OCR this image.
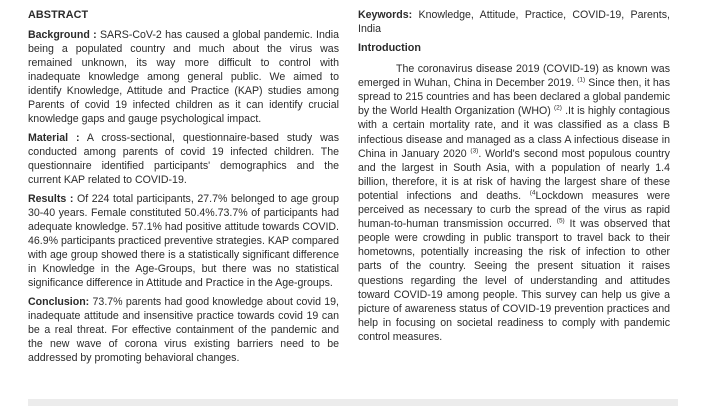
ABSTRACT

Background : SARS-CoV-2 has caused a global pandemic. India being a populated country and much about the virus was remained unknown, its way more difficult to control with inadequate knowledge among general public. We aimed to identify Knowledge, Attitude and Practice (KAP) studies among Parents of covid 19 infected children as it can identify crucial knowledge gaps and gauge psychological impact.

Material : A cross-sectional, questionnaire-based study was conducted among parents of covid 19 infected children. The questionnaire identified participants' demographics and the current KAP related to COVID-19.

Results : Of 224 total participants, 27.7% belonged to age group 30-40 years. Female constituted 50.4%.73.7% of participants had adequate knowledge. 57.1% had positive attitude towards COVID. 46.9% participants practiced preventive strategies. KAP compared with age group showed there is a statistically significant difference in Knowledge in the Age-Groups, but there was no statistical significance difference in Attitude and Practice in the Age-groups.

Conclusion: 73.7% parents had good knowledge about covid 19, inadequate attitude and insensitive practice towards covid 19 can be a real threat. For effective containment of the pandemic and the new wave of corona virus existing barriers need to be addressed by promoting behavioral changes.

Keywords: Knowledge, Attitude, Practice, COVID-19, Parents, India

Introduction

The coronavirus disease 2019 (COVID-19) as known was emerged in Wuhan, China in December 2019. $^{(1)}$ Since then, it has spread to 215 countries and has been declared a global pandemic by the World Health Organization (WHO) $^{(2)}$ .It is highly contagious with a certain mortality rate, and it was classified as a class B infectious disease and managed as a class A infectious disease in China in January 2020 $^{(3)}$. World's second most populous country and the largest in South Asia, with a population of nearly 1.4 billion, therefore, it is at risk of having the largest share of these potential infections and deaths. $^{(4}$Lockdown measures were perceived as necessary to curb the spread of the virus as rapid human-to-human transmission occurred. $^{(5)}$ It was observed that people were crowding in public transport to travel back to their hometowns, potentially increasing the risk of infection to other parts of the country. Seeing the present situation it raises questions regarding the level of understanding and attitudes toward COVID-19 among people. This survey can help us give a picture of awareness status of COVID-19 prevention practices and help in focusing on societal readiness to comply with pandemic control measures.
